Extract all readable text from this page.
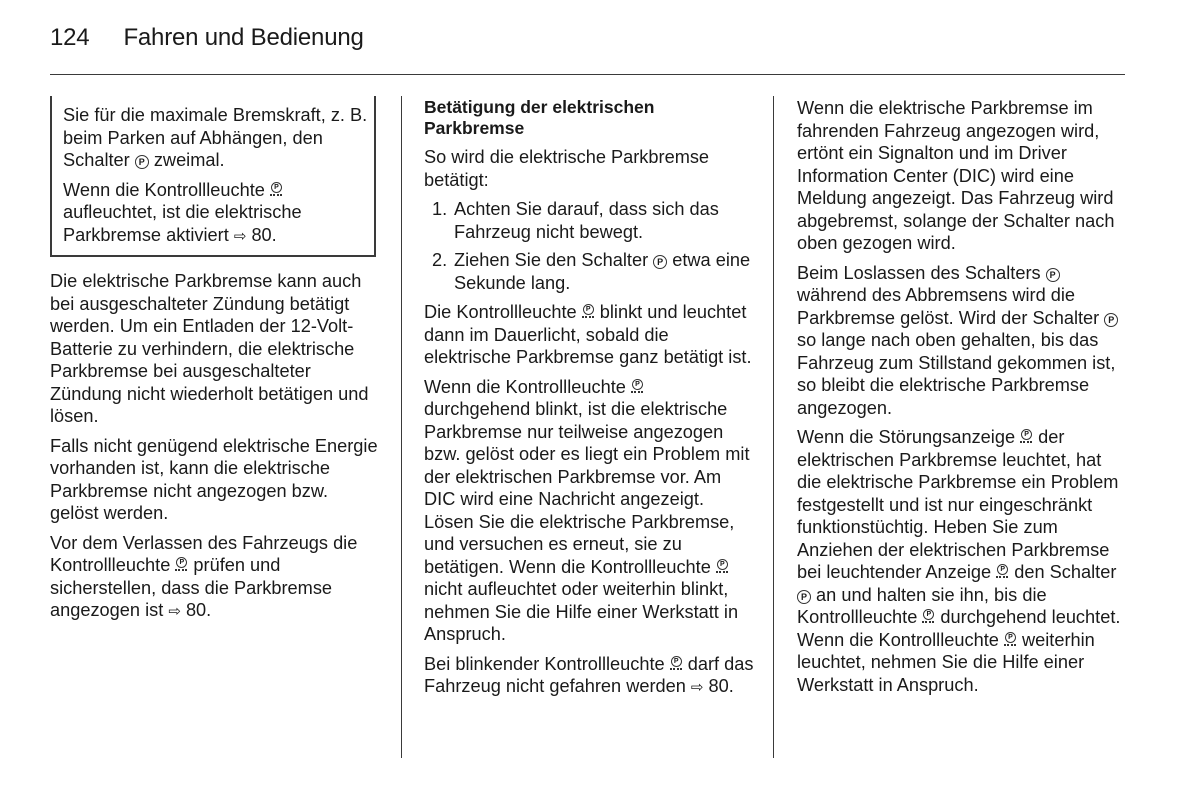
124 Fahren und Bedienung

Sie für die maximale Bremskraft, z. B. beim Parken auf Abhängen, den Schalter P zweimal.

Wenn die Kontrollleuchte P aufleuchtet, ist die elektrische Parkbremse aktiviert ⇨ 80.

Die elektrische Parkbremse kann auch bei ausgeschalteter Zündung betätigt werden. Um ein Entladen der 12-Volt-Batterie zu verhindern, die elektrische Parkbremse bei ausgeschalteter Zündung nicht wiederholt betätigen und lösen.

Falls nicht genügend elektrische Energie vorhanden ist, kann die elektrische Parkbremse nicht angezogen bzw. gelöst werden.

Vor dem Verlassen des Fahrzeugs die Kontrollleuchte P prüfen und sicherstellen, dass die Parkbremse angezogen ist ⇨ 80.

Betätigung der elektrischen Parkbremse

So wird die elektrische Parkbremse betätigt:

1. Achten Sie darauf, dass sich das Fahrzeug nicht bewegt.
2. Ziehen Sie den Schalter P etwa eine Sekunde lang.

Die Kontrollleuchte P blinkt und leuchtet dann im Dauerlicht, sobald die elektrische Parkbremse ganz betätigt ist.

Wenn die Kontrollleuchte P durchgehend blinkt, ist die elektrische Parkbremse nur teilweise angezogen bzw. gelöst oder es liegt ein Problem mit der elektrischen Parkbremse vor. Am DIC wird eine Nachricht angezeigt. Lösen Sie die elektrische Parkbremse, und versuchen es erneut, sie zu betätigen. Wenn die Kontrollleuchte P nicht aufleuchtet oder weiterhin blinkt, nehmen Sie die Hilfe einer Werkstatt in Anspruch.

Bei blinkender Kontrollleuchte P darf das Fahrzeug nicht gefahren werden ⇨ 80.

Wenn die elektrische Parkbremse im fahrenden Fahrzeug angezogen wird, ertönt ein Signalton und im Driver Information Center (DIC) wird eine Meldung angezeigt. Das Fahrzeug wird abgebremst, solange der Schalter nach oben gezogen wird.

Beim Loslassen des Schalters P während des Abbremsens wird die Parkbremse gelöst. Wird der Schalter P so lange nach oben gehalten, bis das Fahrzeug zum Stillstand gekommen ist, so bleibt die elektrische Parkbremse angezogen.

Wenn die Störungsanzeige P der elektrischen Parkbremse leuchtet, hat die elektrische Parkbremse ein Problem festgestellt und ist nur eingeschränkt funktionstüchtig. Heben Sie zum Anziehen der elektrischen Parkbremse bei leuchtender Anzeige P den Schalter P an und halten sie ihn, bis die Kontrollleuchte P durchgehend leuchtet. Wenn die Kontrollleuchte P weiterhin leuchtet, nehmen Sie die Hilfe einer Werkstatt in Anspruch.
